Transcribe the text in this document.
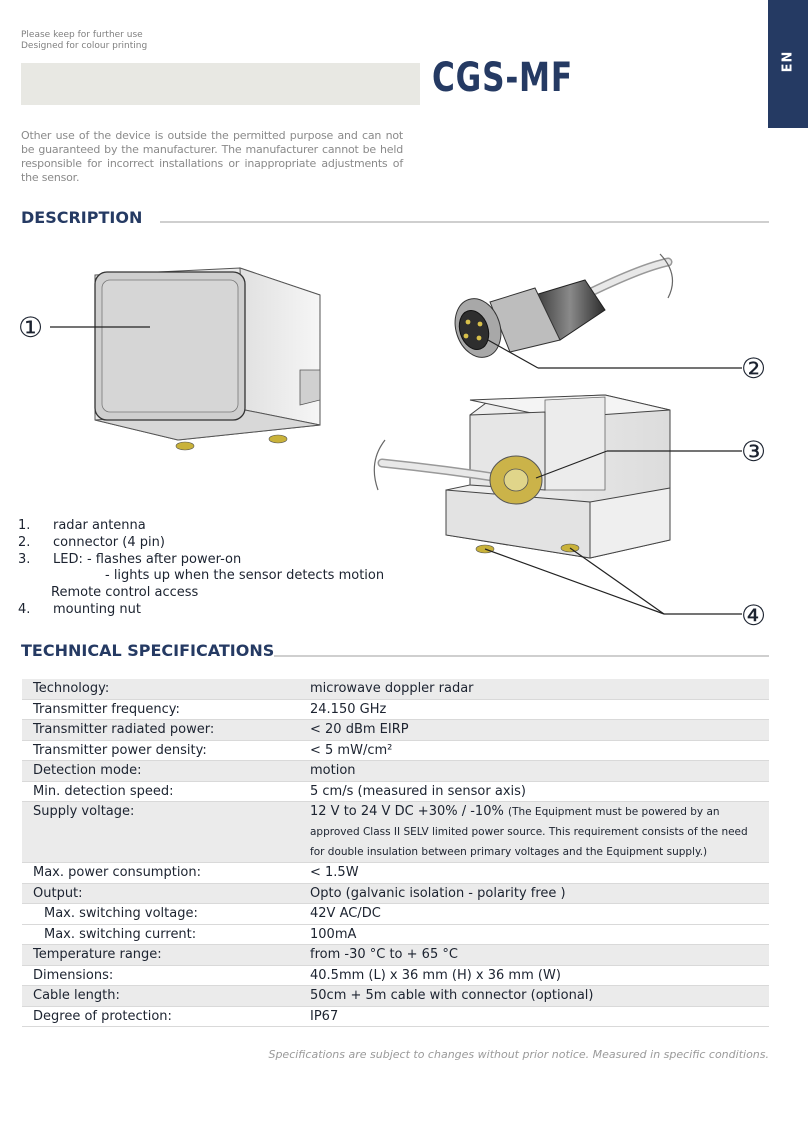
Please keep for further use
Designed for colour printing
EN
CGS-MF
Other use of the device is outside the permitted purpose and can not be guaranteed by the manufacturer. The manufacturer cannot be held responsible for incorrect installations or inappropriate adjustments of the sensor.
DESCRIPTION
①
②
③
④
1.	radar antenna
2.	connector (4 pin)
3.	LED: - flashes after power-on
- lights up when the sensor detects motion
Remote control access
4.	mounting nut
TECHNICAL SPECIFICATIONS
Technology:	microwave doppler radar
Transmitter frequency:	24.150 GHz
Transmitter radiated power:	< 20 dBm EIRP
Transmitter power density:	< 5 mW/cm²
Detection mode:	motion
Min. detection speed:	5 cm/s (measured in sensor axis)
Supply voltage:	12 V to 24 V DC +30% / -10% (The Equipment must be powered by an
approved Class II SELV limited power source. This requirement consists of the need
for double insulation between primary voltages and the Equipment supply.)
Max. power consumption:	< 1.5W
Output:	Opto (galvanic isolation - polarity free )
Max. switching voltage:	42V AC/DC
Max. switching current:	100mA
Temperature range:	from -30 °C to + 65 °C
Dimensions:	40.5mm (L) x 36 mm (H) x 36 mm (W)
Cable length:	50cm + 5m cable with connector (optional)
Degree of protection:	IP67
Specifications are subject to changes without prior notice. Measured in specific conditions.
